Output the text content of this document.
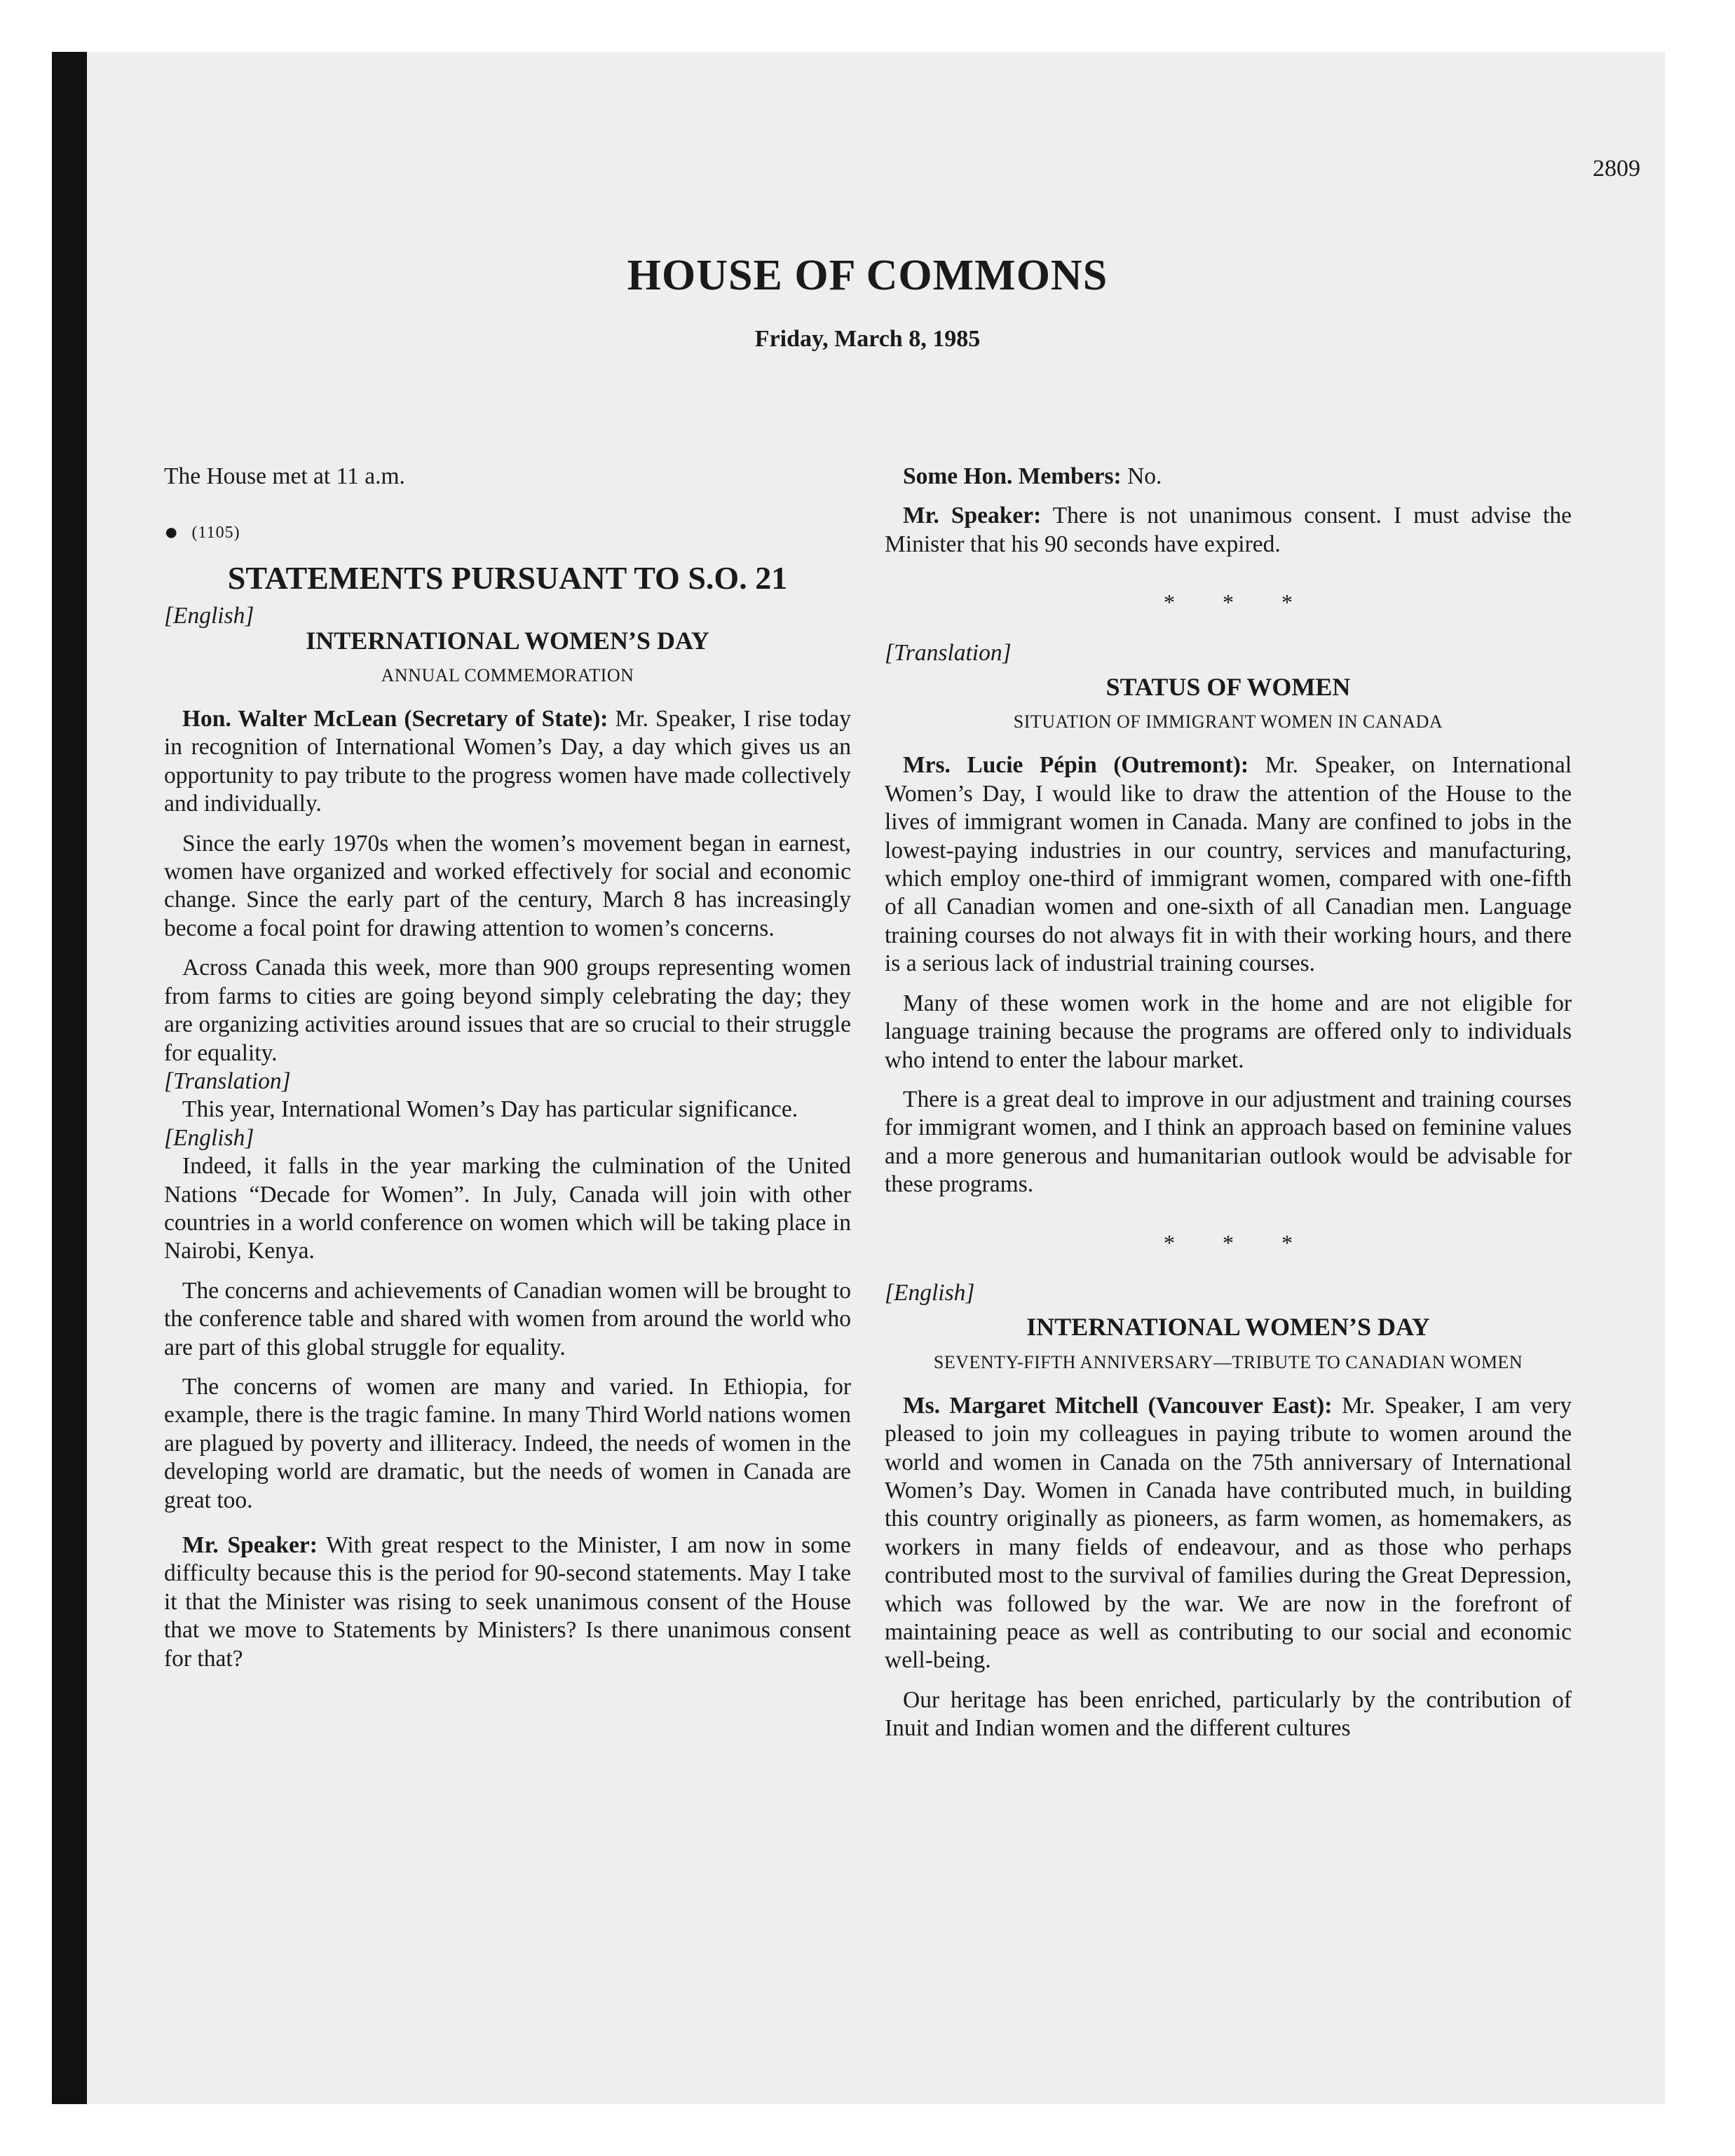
2809
HOUSE OF COMMONS
Friday, March 8, 1985

The House met at 11 a.m.

● (1105)

STATEMENTS PURSUANT TO S.O. 21

[English]

INTERNATIONAL WOMEN’S DAY

ANNUAL COMMEMORATION

Hon. Walter McLean (Secretary of State): Mr. Speaker, I rise today in recognition of International Women’s Day, a day which gives us an opportunity to pay tribute to the progress women have made collectively and individually.

Since the early 1970s when the women’s movement began in earnest, women have organized and worked effectively for social and economic change. Since the early part of the century, March 8 has increasingly become a focal point for drawing attention to women’s concerns.

Across Canada this week, more than 900 groups representing women from farms to cities are going beyond simply celebrating the day; they are organizing activities around issues that are so crucial to their struggle for equality.

[Translation]

This year, International Women’s Day has particular significance.

[English]

Indeed, it falls in the year marking the culmination of the United Nations “Decade for Women”. In July, Canada will join with other countries in a world conference on women which will be taking place in Nairobi, Kenya.

The concerns and achievements of Canadian women will be brought to the conference table and shared with women from around the world who are part of this global struggle for equality.

The concerns of women are many and varied. In Ethiopia, for example, there is the tragic famine. In many Third World nations women are plagued by poverty and illiteracy. Indeed, the needs of women in the developing world are dramatic, but the needs of women in Canada are great too.

Mr. Speaker: With great respect to the Minister, I am now in some difficulty because this is the period for 90-second statements. May I take it that the Minister was rising to seek unanimous consent of the House that we move to Statements by Ministers? Is there unanimous consent for that?

Some Hon. Members: No.

Mr. Speaker: There is not unanimous consent. I must advise the Minister that his 90 seconds have expired.

* * *

[Translation]

STATUS OF WOMEN

SITUATION OF IMMIGRANT WOMEN IN CANADA

Mrs. Lucie Pépin (Outremont): Mr. Speaker, on International Women’s Day, I would like to draw the attention of the House to the lives of immigrant women in Canada. Many are confined to jobs in the lowest-paying industries in our country, services and manufacturing, which employ one-third of immigrant women, compared with one-fifth of all Canadian women and one-sixth of all Canadian men. Language training courses do not always fit in with their working hours, and there is a serious lack of industrial training courses.

Many of these women work in the home and are not eligible for language training because the programs are offered only to individuals who intend to enter the labour market.

There is a great deal to improve in our adjustment and training courses for immigrant women, and I think an approach based on feminine values and a more generous and humanitarian outlook would be advisable for these programs.

* * *

[English]

INTERNATIONAL WOMEN’S DAY

SEVENTY-FIFTH ANNIVERSARY—TRIBUTE TO CANADIAN WOMEN

Ms. Margaret Mitchell (Vancouver East): Mr. Speaker, I am very pleased to join my colleagues in paying tribute to women around the world and women in Canada on the 75th anniversary of International Women’s Day. Women in Canada have contributed much, in building this country originally as pioneers, as farm women, as homemakers, as workers in many fields of endeavour, and as those who perhaps contributed most to the survival of families during the Great Depression, which was followed by the war. We are now in the forefront of maintaining peace as well as contributing to our social and economic well-being.

Our heritage has been enriched, particularly by the contribution of Inuit and Indian women and the different cultures
